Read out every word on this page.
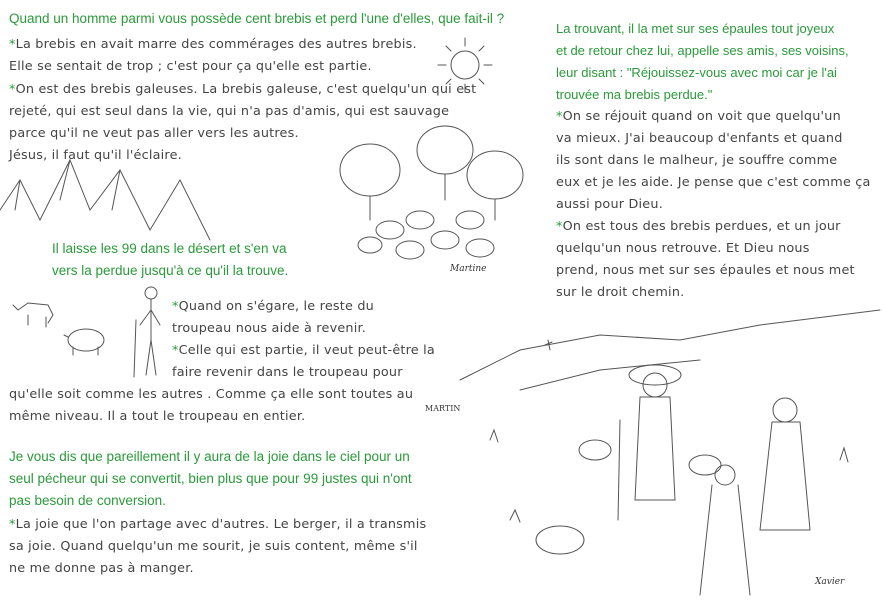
Martine
MARTIN
Xavier
Quand un homme parmi vous possède cent brebis et perd l'une d'elles, que fait-il ?
*La brebis en avait marre des commérages des autres brebis.
Elle se sentait de trop ; c'est pour ça qu'elle est partie.
*On est des brebis galeuses. La brebis galeuse, c'est quelqu'un qui est
rejeté, qui est seul dans la vie, qui n'a pas d'amis, qui est sauvage
parce qu'il ne veut pas aller vers les autres.
Jésus, il faut qu'il l'éclaire.
Il laisse les 99 dans le désert et s'en va
vers la perdue jusqu'à ce qu'il la trouve.
*Quand on s'égare, le reste du
troupeau nous aide à revenir.
*Celle qui est partie, il veut peut-être la
faire revenir dans le troupeau pour
qu'elle soit comme les autres . Comme ça elle sont toutes au
même niveau. Il a tout le troupeau en entier.
Je vous dis que pareillement il y aura de la joie dans le ciel pour un
seul pécheur qui se convertit, bien plus que pour 99 justes qui n'ont
pas besoin de conversion.
*La joie que l'on partage avec d'autres. Le berger, il a transmis
sa joie. Quand quelqu'un me sourit, je suis content, même s'il
ne me donne pas à manger.
La trouvant, il la met sur ses épaules tout joyeux
et de retour chez lui, appelle ses amis, ses voisins,
leur disant : "Réjouissez-vous avec moi car je l'ai
trouvée ma brebis perdue."
*On se réjouit quand on voit que quelqu'un
va mieux. J'ai beaucoup d'enfants et quand
ils sont dans le malheur, je souffre comme
eux et je les aide. Je pense que c'est comme ça
aussi pour Dieu.
*On est tous des brebis perdues, et un jour
quelqu'un nous retrouve. Et Dieu nous
prend, nous met sur ses épaules et nous met
sur le droit chemin.
